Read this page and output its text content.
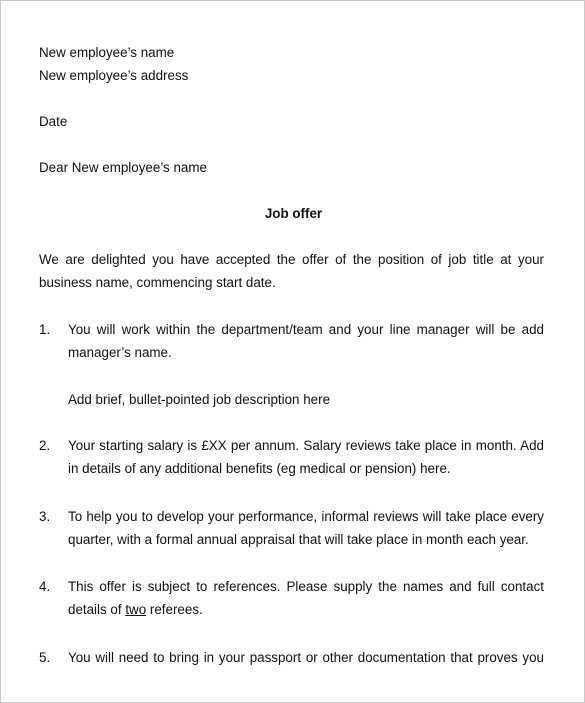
New employee’s name
New employee’s address
Date
Dear New employee’s name
Job offer
We are delighted you have accepted the offer of the position of job title at your
business name, commencing start date.
1. You will work within the department/team and your line manager will be add
manager’s name.
Add brief, bullet-pointed job description here
2. Your starting salary is £XX per annum. Salary reviews take place in month. Add
in details of any additional benefits (eg medical or pension) here.
3. To help you to develop your performance, informal reviews will take place every
quarter, with a formal annual appraisal that will take place in month each year.
4. This offer is subject to references. Please supply the names and full contact
details of two referees.
5. You will need to bring in your passport or other documentation that proves you
